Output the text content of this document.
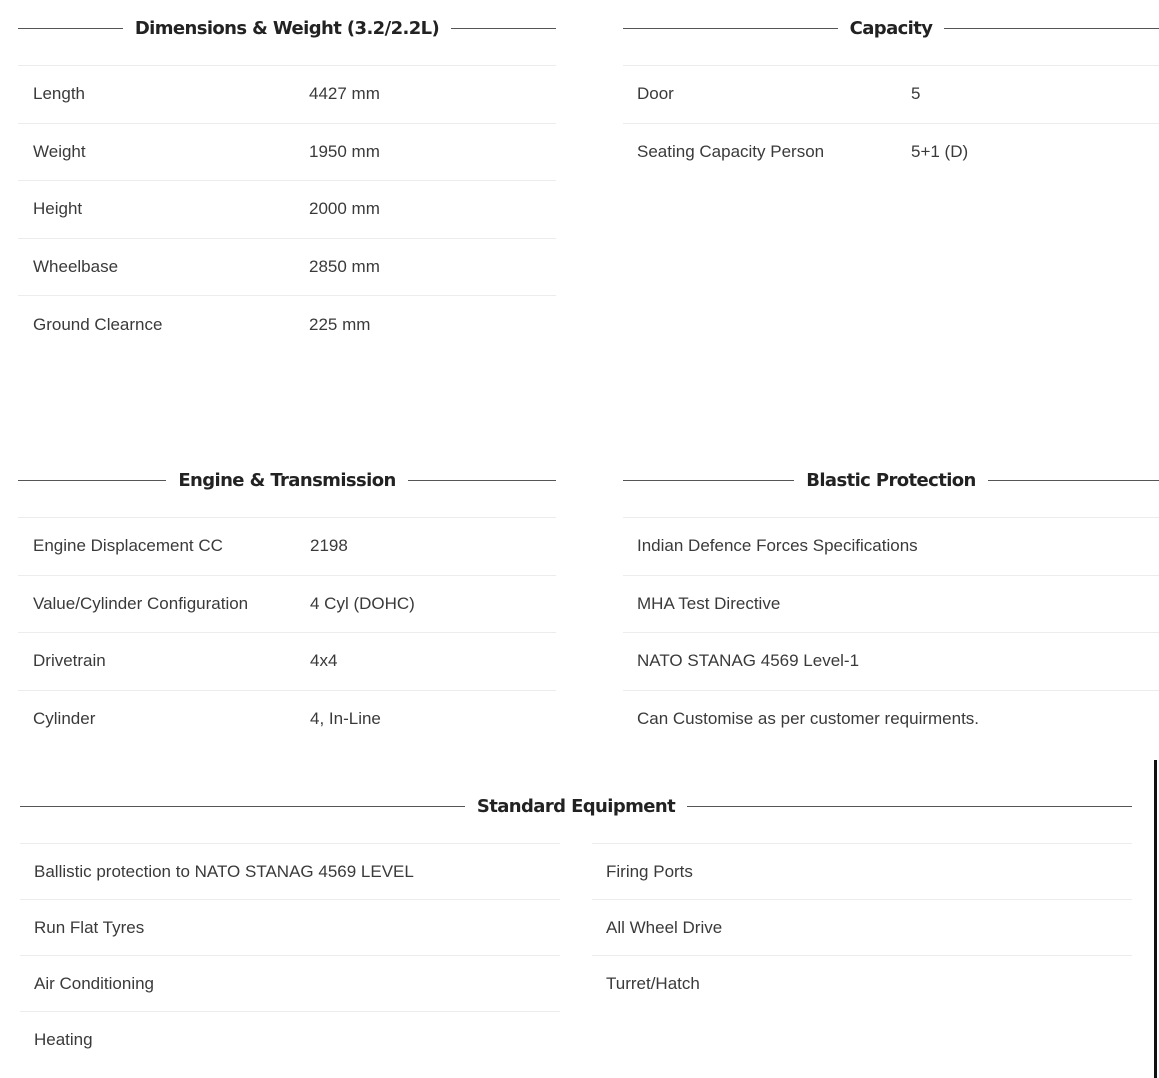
Dimensions & Weight (3.2/2.2L)
Length	4427 mm
Weight	1950 mm
Height	2000 mm
Wheelbase	2850 mm
Ground Clearnce	225 mm
Capacity
Door	5
Seating Capacity Person	5+1 (D)
Engine & Transmission
Engine Displacement CC	2198
Value/Cylinder Configuration	4 Cyl (DOHC)
Drivetrain	4x4
Cylinder	4, In-Line
Blastic Protection
Indian Defence Forces Specifications
MHA Test Directive
NATO STANAG 4569 Level-1
Can Customise as per customer requirments.
Standard Equipment
Ballistic protection to NATO STANAG 4569 LEVEL
Run Flat Tyres
Air Conditioning
Heating
Firing Ports
All Wheel Drive
Turret/Hatch
